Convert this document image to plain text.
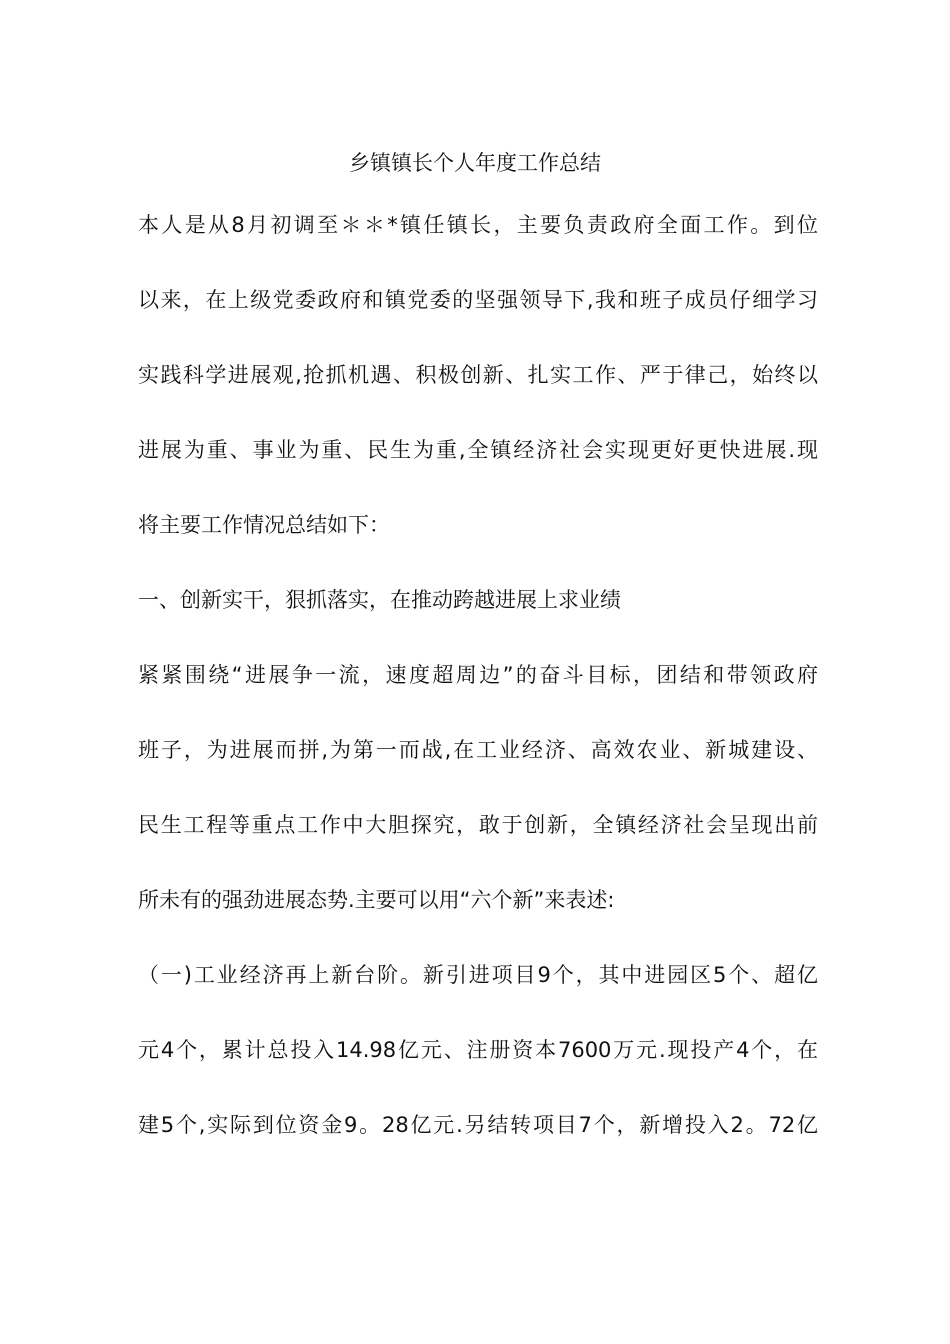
乡镇镇长个人年度工作总结
本人是从8月初调至＊＊*镇任镇长，主要负责政府全面工作。到位
以来，在上级党委政府和镇党委的坚强领导下,我和班子成员仔细学习
实践科学进展观,抢抓机遇、积极创新、扎实工作、严于律己，始终以
进展为重、事业为重、民生为重,全镇经济社会实现更好更快进展.现
将主要工作情况总结如下：
一、创新实干，狠抓落实，在推动跨越进展上求业绩
紧紧围绕“进展争一流，速度超周边”的奋斗目标，团结和带领政府
班子，为进展而拼,为第一而战,在工业经济、高效农业、新城建设、
民生工程等重点工作中大胆探究，敢于创新，全镇经济社会呈现出前
所未有的强劲进展态势.主要可以用“六个新”来表述:
（一)工业经济再上新台阶。新引进项目9个，其中进园区5个、超亿
元4个，累计总投入14.98亿元、注册资本7600万元.现投产4个，在
建5个,实际到位资金9。28亿元.另结转项目7个，新增投入2。72亿
